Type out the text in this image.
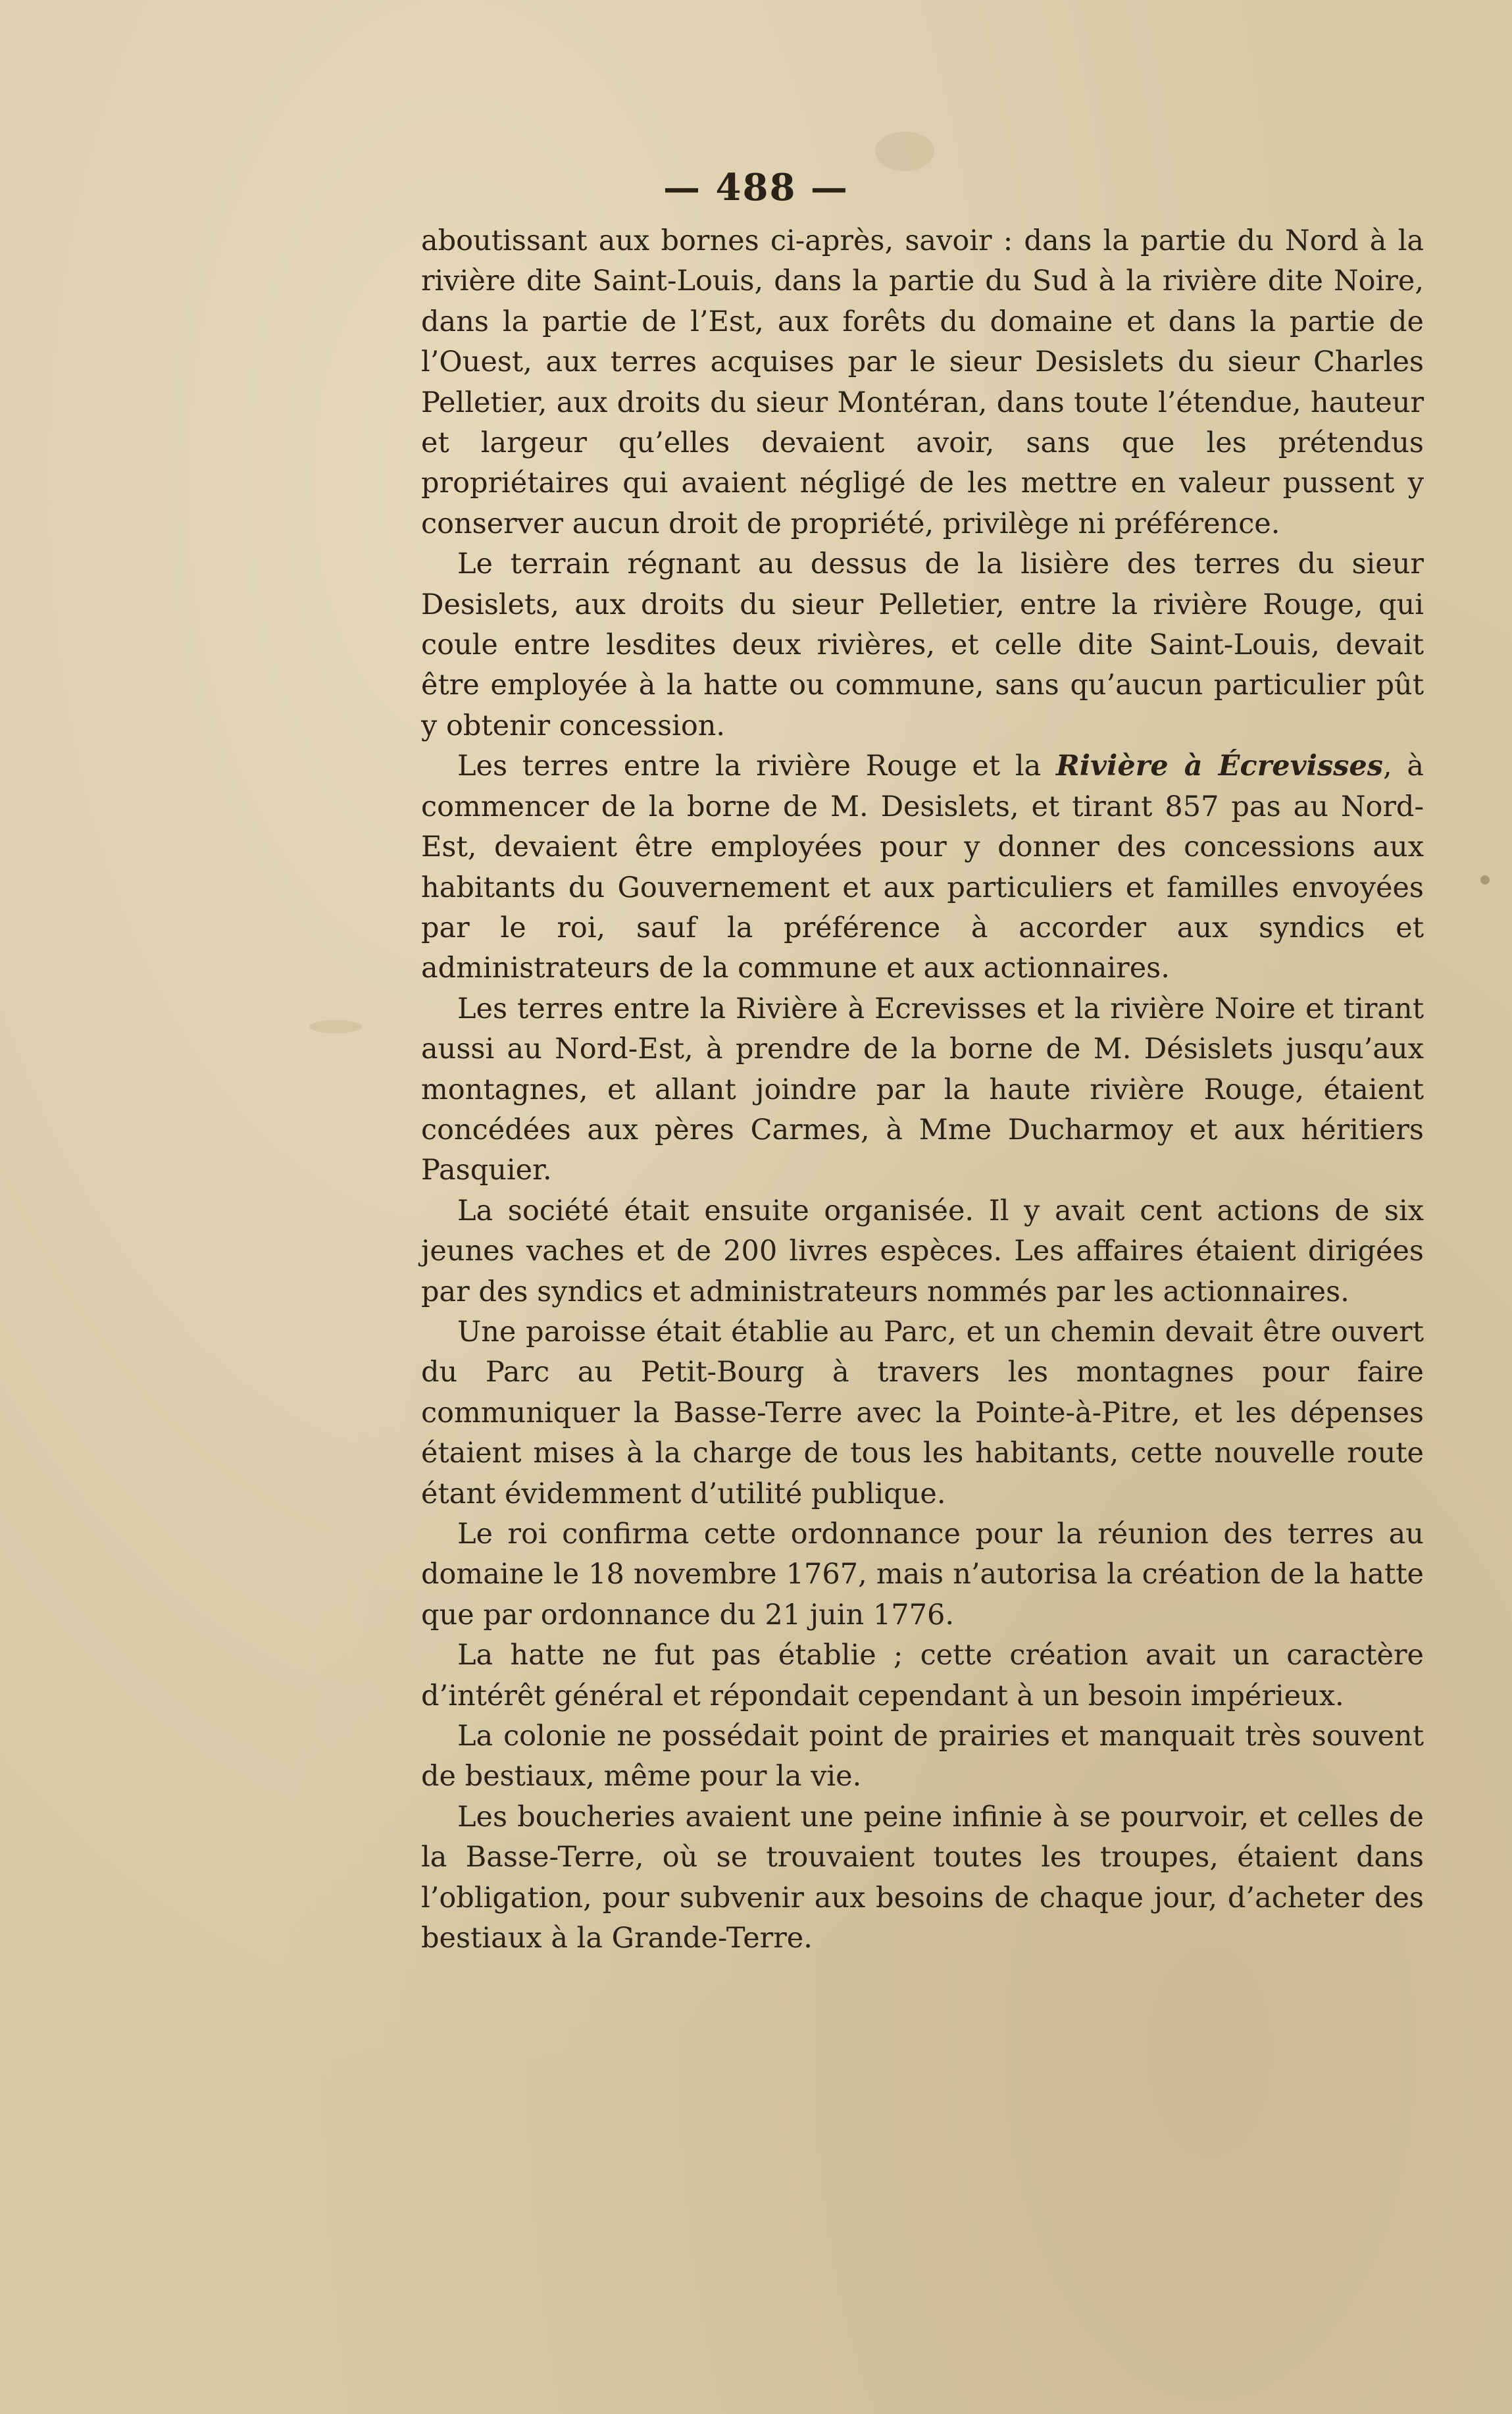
— 488 —

aboutissant aux bornes ci-après, savoir : dans la partie du Nord à la rivière dite Saint-Louis, dans la partie du Sud à la rivière dite Noire, dans la partie de l’Est, aux forêts du domaine et dans la partie de l’Ouest, aux terres acquises par le sieur Desislets du sieur Charles Pelletier, aux droits du sieur Montéran, dans toute l’étendue, hauteur et largeur qu’elles devaient avoir, sans que les prétendus propriétaires qui avaient négligé de les mettre en valeur pussent y conserver aucun droit de propriété, privilège ni préférence.

Le terrain régnant au dessus de la lisière des terres du sieur Desislets, aux droits du sieur Pelletier, entre la rivière Rouge, qui coule entre lesdites deux rivières, et celle dite Saint-Louis, devait être employée à la hatte ou commune, sans qu’aucun particulier pût y obtenir concession.

Les terres entre la rivière Rouge et la Rivière à Écrevisses, à commencer de la borne de M. Desislets, et tirant 857 pas au Nord-Est, devaient être employées pour y donner des concessions aux habitants du Gouvernement et aux particuliers et familles envoyées par le roi, sauf la préférence à accorder aux syndics et administrateurs de la commune et aux actionnaires.

Les terres entre la Rivière à Ecrevisses et la rivière Noire et tirant aussi au Nord-Est, à prendre de la borne de M. Désislets jusqu’aux montagnes, et allant joindre par la haute rivière Rouge, étaient concédées aux pères Carmes, à Mme Ducharmoy et aux héritiers Pasquier.

La société était ensuite organisée. Il y avait cent actions de six jeunes vaches et de 200 livres espèces. Les affaires étaient dirigées par des syndics et administrateurs nommés par les actionnaires.

Une paroisse était établie au Parc, et un chemin devait être ouvert du Parc au Petit-Bourg à travers les montagnes pour faire communiquer la Basse-Terre avec la Pointe-à-Pitre, et les dépenses étaient mises à la charge de tous les habitants, cette nouvelle route étant évidemment d’utilité publique.

Le roi confirma cette ordonnance pour la réunion des terres au domaine le 18 novembre 1767, mais n’autorisa la création de la hatte que par ordonnance du 21 juin 1776.

La hatte ne fut pas établie ; cette création avait un caractère d’intérêt général et répondait cependant à un besoin impérieux.

La colonie ne possédait point de prairies et manquait très souvent de bestiaux, même pour la vie.

Les boucheries avaient une peine infinie à se pourvoir, et celles de la Basse-Terre, où se trouvaient toutes les troupes, étaient dans l’obligation, pour subvenir aux besoins de chaque jour, d’acheter des bestiaux à la Grande-Terre.
